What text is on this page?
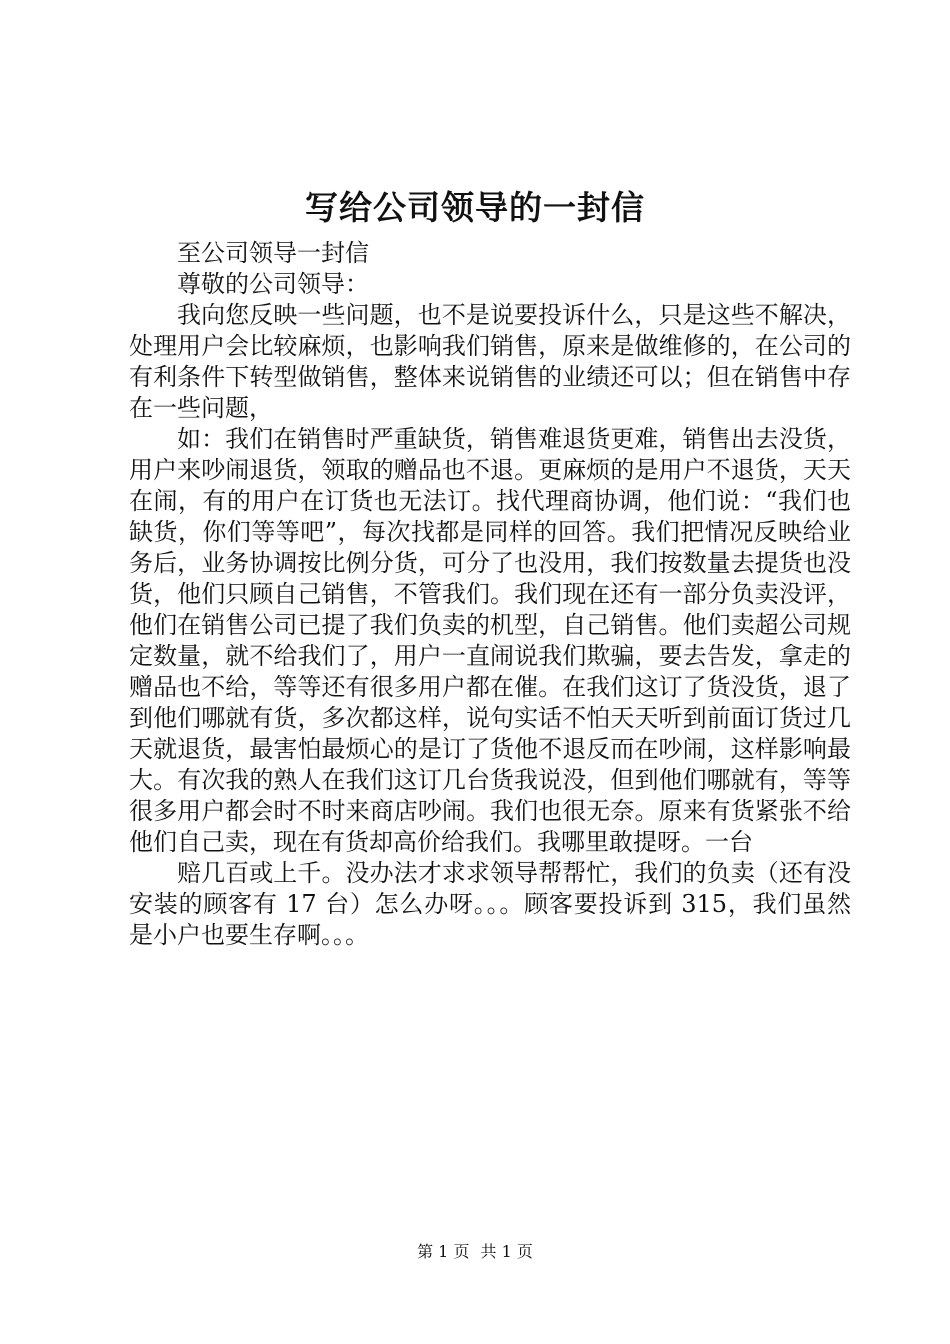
写给公司领导的一封信

至公司领导一封信

尊敬的公司领导：

我向您反映一些问题，也不是说要投诉什么，只是这些不解决，处理用户会比较麻烦，也影响我们销售，原来是做维修的，在公司的有利条件下转型做销售，整体来说销售的业绩还可以；但在销售中存在一些问题，

如：我们在销售时严重缺货，销售难退货更难，销售出去没货，用户来吵闹退货，领取的赠品也不退。更麻烦的是用户不退货，天天在闹，有的用户在订货也无法订。找代理商协调，他们说：“我们也缺货，你们等等吧”，每次找都是同样的回答。我们把情况反映给业务后，业务协调按比例分货，可分了也没用，我们按数量去提货也没货，他们只顾自己销售，不管我们。我们现在还有一部分负卖没评，他们在销售公司已提了我们负卖的机型，自己销售。他们卖超公司规定数量，就不给我们了，用户一直闹说我们欺骗，要去告发，拿走的赠品也不给，等等还有很多用户都在催。在我们这订了货没货，退了到他们哪就有货，多次都这样，说句实话不怕天天听到前面订货过几天就退货，最害怕最烦心的是订了货他不退反而在吵闹，这样影响最大。有次我的熟人在我们这订几台货我说没，但到他们哪就有，等等很多用户都会时不时来商店吵闹。我们也很无奈。原来有货紧张不给他们自己卖，现在有货却高价给我们。我哪里敢提呀。一台

赔几百或上千。没办法才求求领导帮帮忙，我们的负卖（还有没安装的顾客有 17 台）怎么办呀。。。顾客要投诉到 315，我们虽然是小户也要生存啊。。。

第 1 页 共 1 页
